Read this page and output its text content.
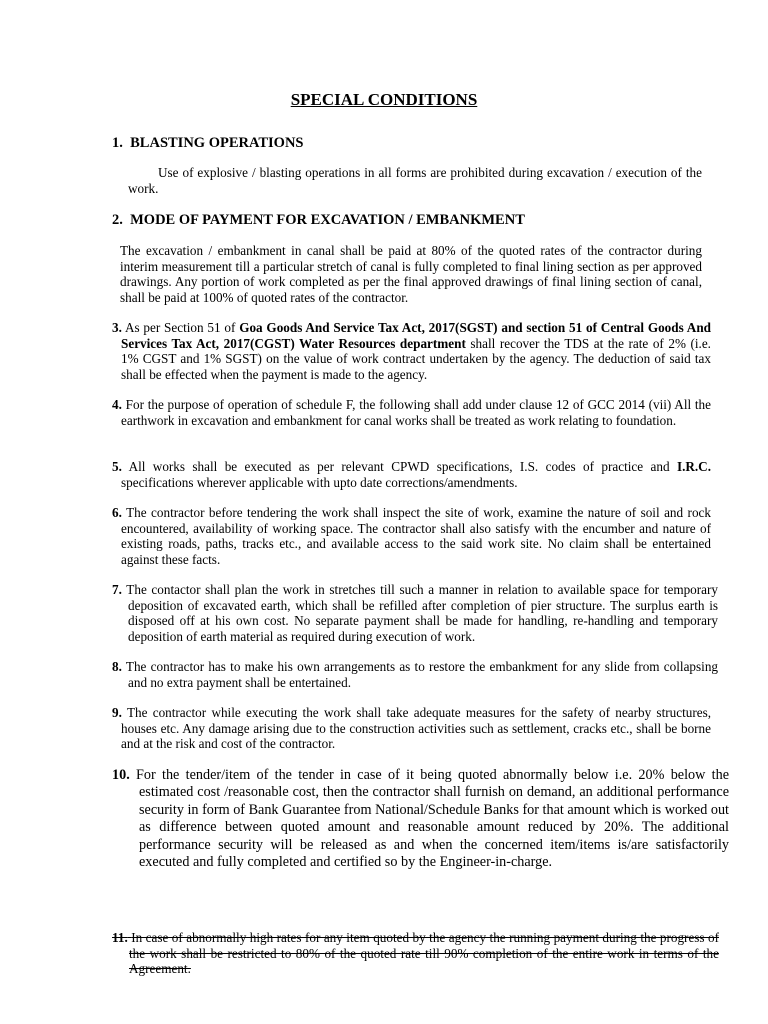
SPECIAL CONDITIONS
1. BLASTING OPERATIONS
Use of explosive / blasting operations in all forms are prohibited during excavation / execution of the work.
2. MODE OF PAYMENT FOR EXCAVATION / EMBANKMENT
The excavation / embankment in canal shall be paid at 80% of the quoted rates of the contractor during interim measurement till a particular stretch of canal is fully completed to final lining section as per approved drawings. Any portion of work completed as per the final approved drawings of final lining section of canal, shall be paid at 100% of quoted rates of the contractor.
3. As per Section 51 of Goa Goods And Service Tax Act, 2017(SGST) and section 51 of Central Goods And Services Tax Act, 2017(CGST) Water Resources department shall recover the TDS at the rate of 2% (i.e. 1% CGST and 1% SGST) on the value of work contract undertaken by the agency. The deduction of said tax shall be effected when the payment is made to the agency.
4. For the purpose of operation of schedule F, the following shall add under clause 12 of GCC 2014 (vii) All the earthwork in excavation and embankment for canal works shall be treated as work relating to foundation.
5. All works shall be executed as per relevant CPWD specifications, I.S. codes of practice and I.R.C. specifications wherever applicable with upto date corrections/amendments.
6. The contractor before tendering the work shall inspect the site of work, examine the nature of soil and rock encountered, availability of working space. The contractor shall also satisfy with the encumber and nature of existing roads, paths, tracks etc., and available access to the said work site. No claim shall be entertained against these facts.
7. The contactor shall plan the work in stretches till such a manner in relation to available space for temporary deposition of excavated earth, which shall be refilled after completion of pier structure. The surplus earth is disposed off at his own cost. No separate payment shall be made for handling, re-handling and temporary deposition of earth material as required during execution of work.
8. The contractor has to make his own arrangements as to restore the embankment for any slide from collapsing and no extra payment shall be entertained.
9. The contractor while executing the work shall take adequate measures for the safety of nearby structures, houses etc. Any damage arising due to the construction activities such as settlement, cracks etc., shall be borne and at the risk and cost of the contractor.
10. For the tender/item of the tender in case of it being quoted abnormally below i.e. 20% below the estimated cost /reasonable cost, then the contractor shall furnish on demand, an additional performance security in form of Bank Guarantee from National/Schedule Banks for that amount which is worked out as difference between quoted amount and reasonable amount reduced by 20%. The additional performance security will be released as and when the concerned item/items is/are satisfactorily executed and fully completed and certified so by the Engineer-in-charge.
11. In case of abnormally high rates for any item quoted by the agency the running payment during the progress of the work shall be restricted to 80% of the quoted rate till 90% completion of the entire work in terms of the Agreement.
